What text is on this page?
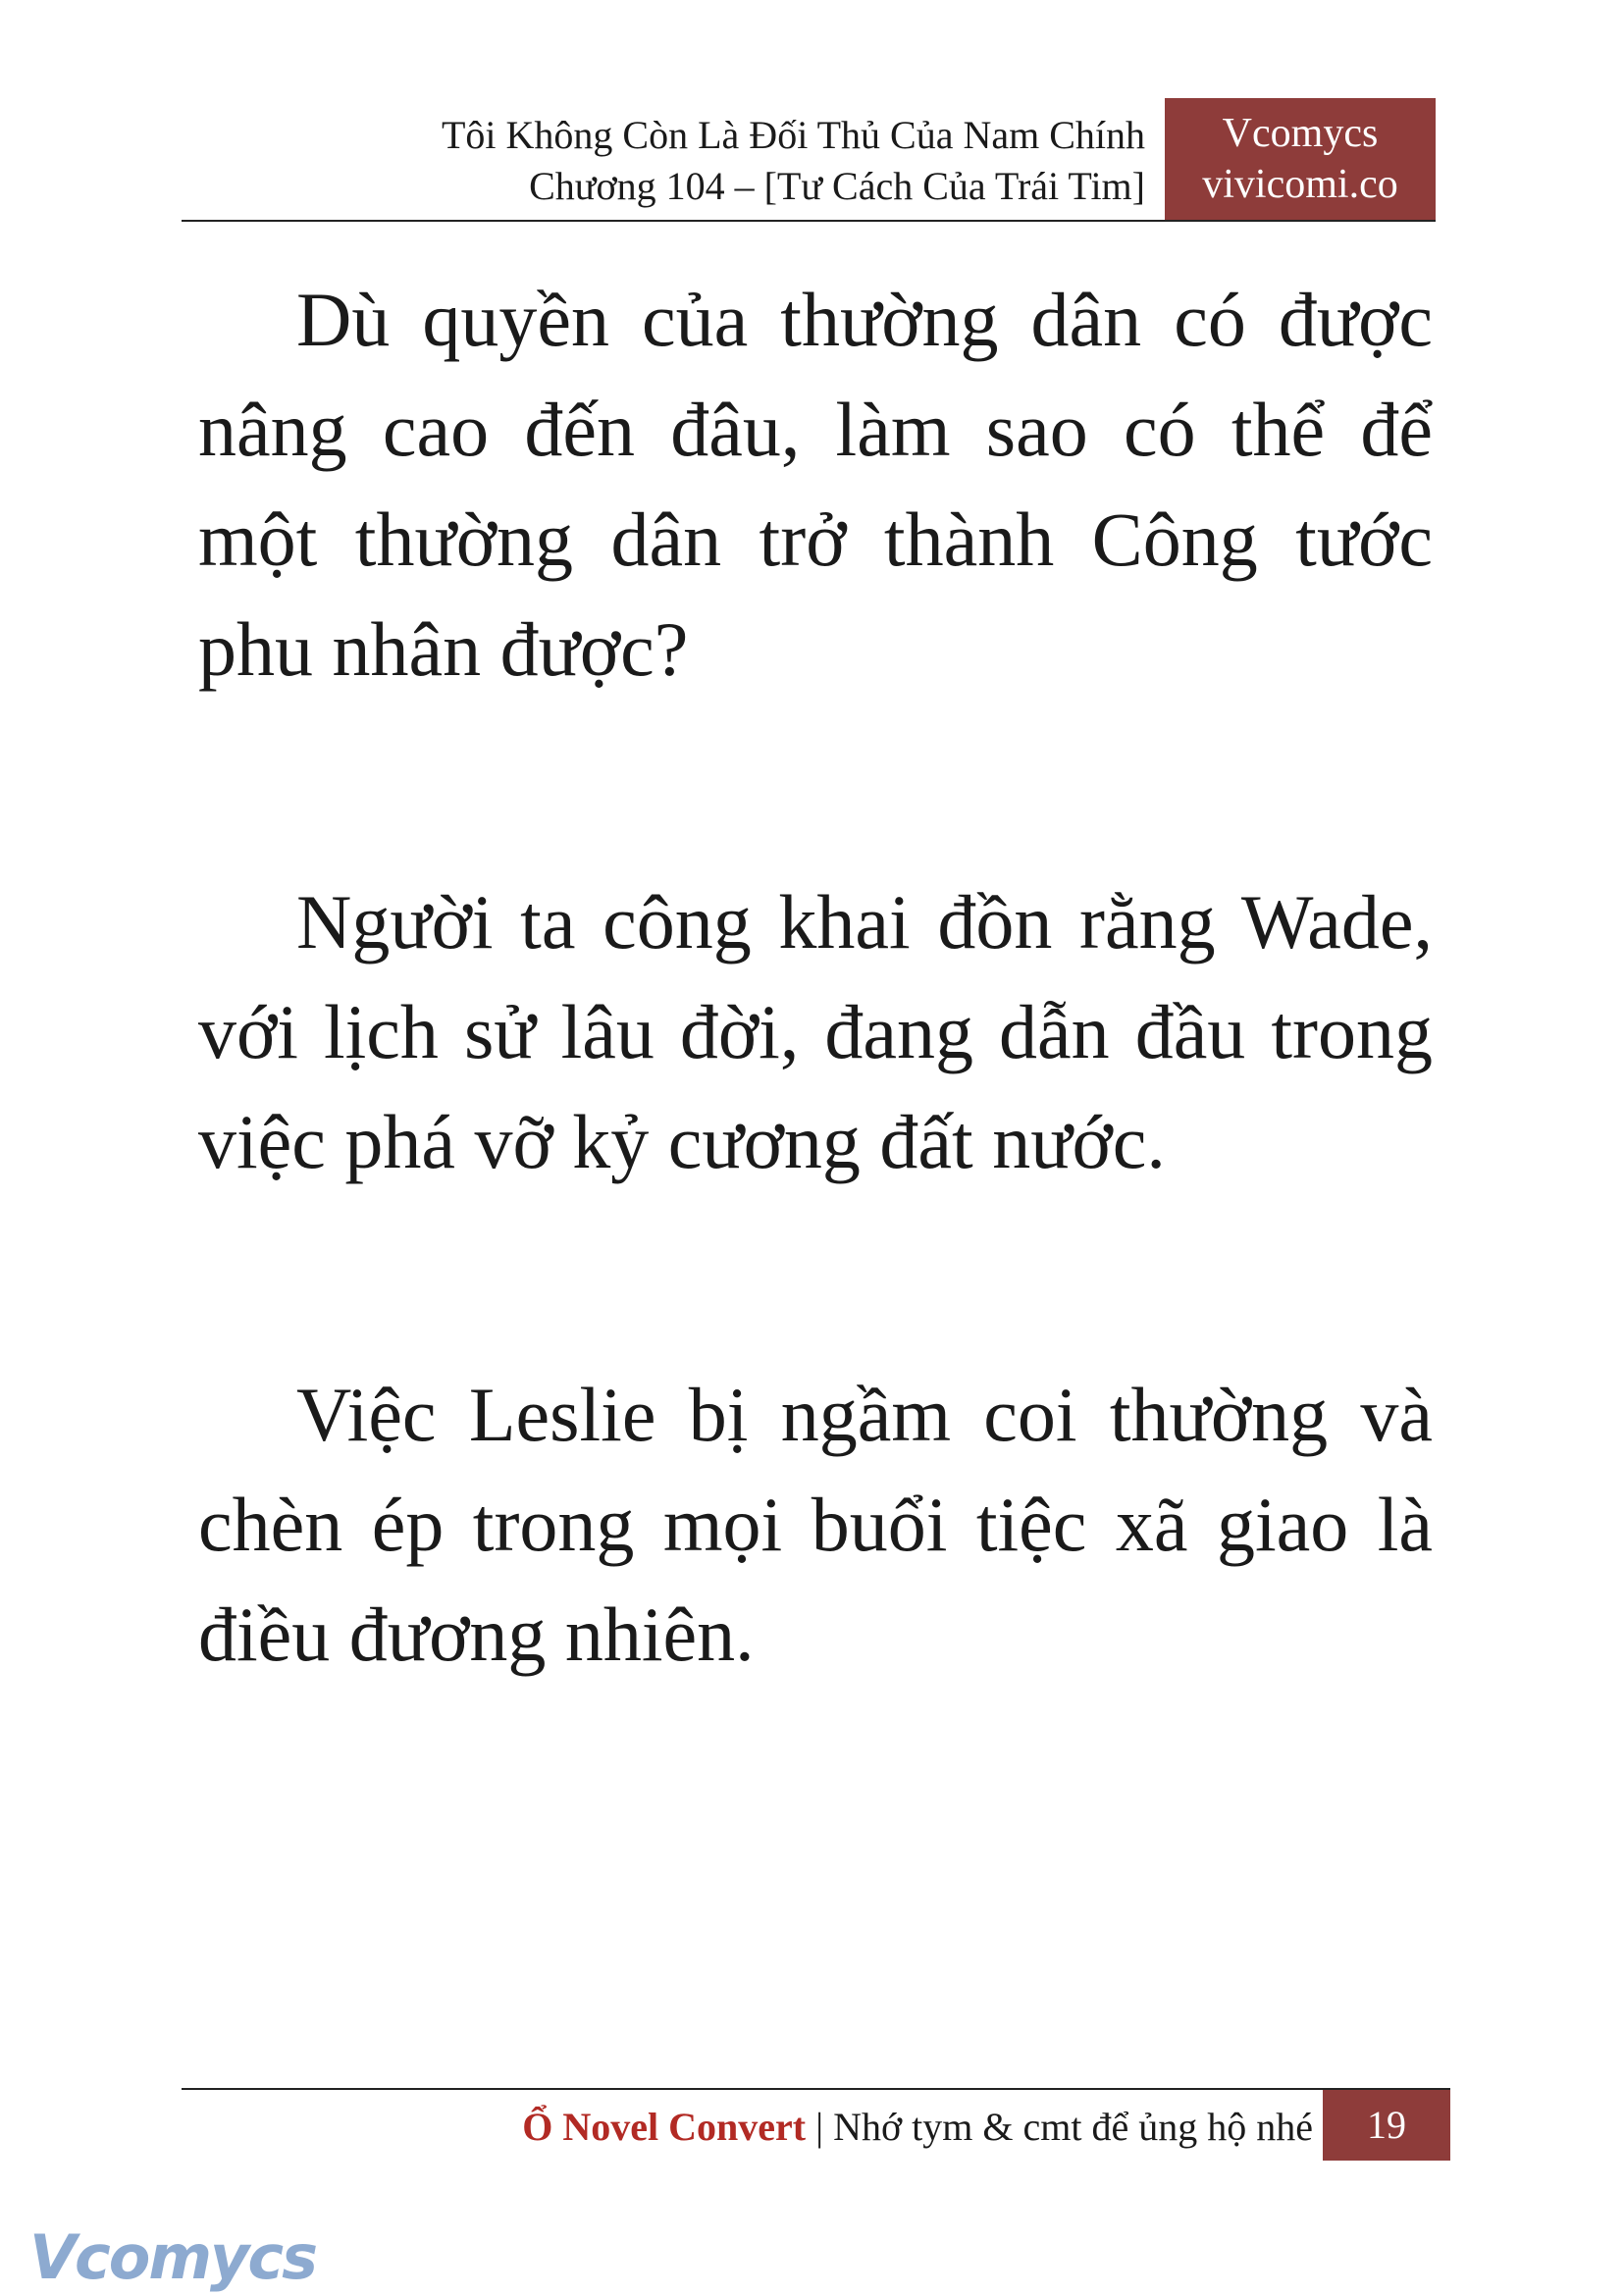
Tôi Không Còn Là Đối Thủ Của Nam Chính
Chương 104 – [Tư Cách Của Trái Tim]
Vcomycs
vivicomi.co

Dù quyền của thường dân có được nâng cao đến đâu, làm sao có thể để một thường dân trở thành Công tước phu nhân được?

Người ta công khai đồn rằng Wade, với lịch sử lâu đời, đang dẫn đầu trong việc phá vỡ kỷ cương đất nước.

Việc Leslie bị ngầm coi thường và chèn ép trong mọi buổi tiệc xã giao là điều đương nhiên.

Ổ Novel Convert | Nhớ tym & cmt để ủng hộ nhé	19
Vcomycs
